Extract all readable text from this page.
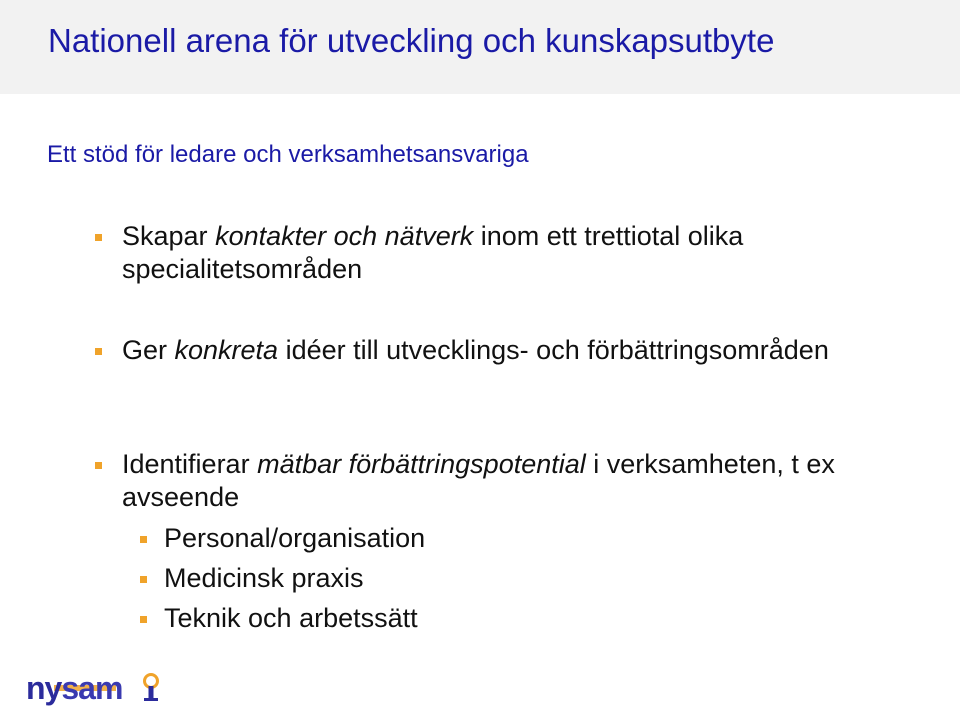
Nationell arena för utveckling och kunskapsutbyte

Ett stöd för ledare och verksamhetsansvariga

Skapar kontakter och nätverk inom ett trettiotal olika specialitetsområden
Ger konkreta idéer till utvecklings- och förbättringsområden
Identifierar mätbar förbättringspotential i verksamheten, t ex avseende
Personal/organisation
Medicinsk praxis
Teknik och arbetssätt
nysam
